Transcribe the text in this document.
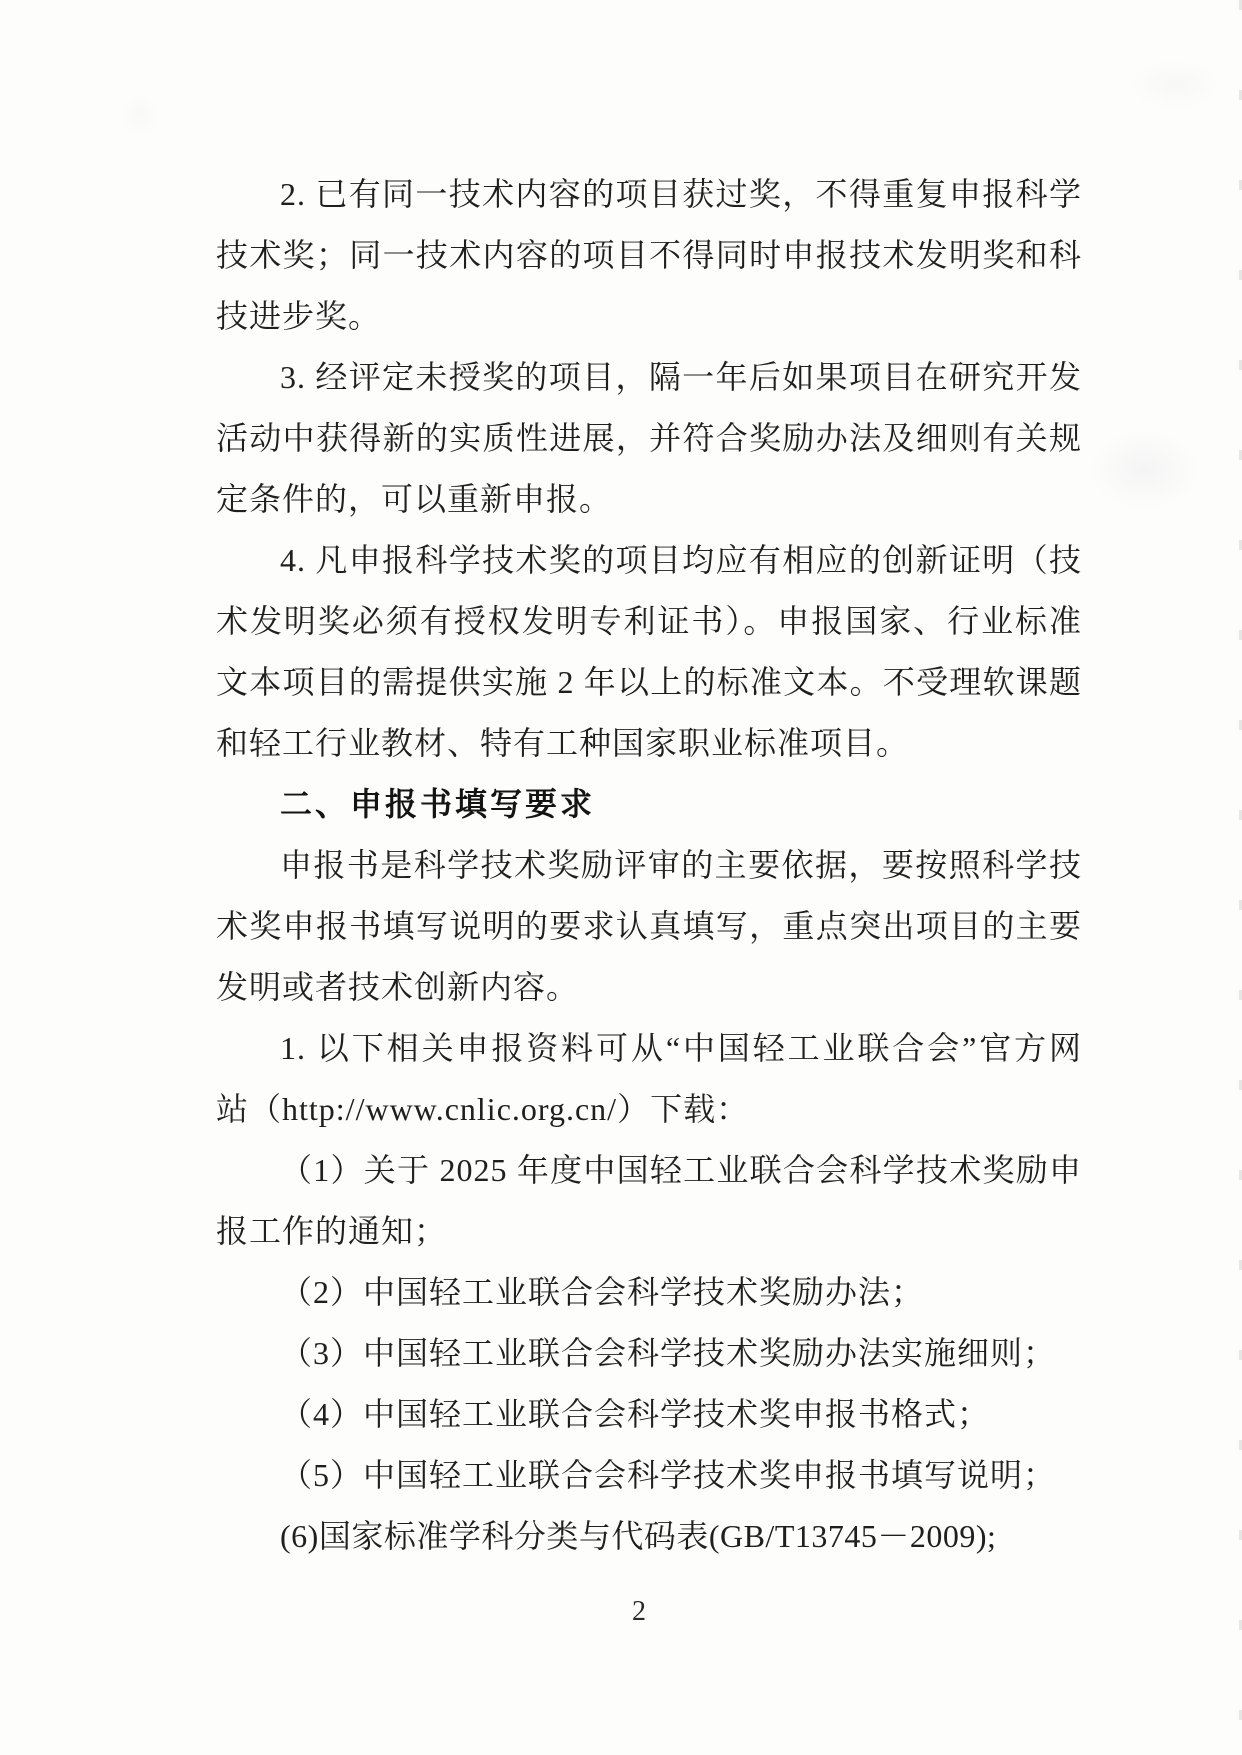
2. 已有同一技术内容的项目获过奖，不得重复申报科学
技术奖；同一技术内容的项目不得同时申报技术发明奖和科
技进步奖。
3. 经评定未授奖的项目，隔一年后如果项目在研究开发
活动中获得新的实质性进展，并符合奖励办法及细则有关规
定条件的，可以重新申报。
4. 凡申报科学技术奖的项目均应有相应的创新证明（技
术发明奖必须有授权发明专利证书）。申报国家、行业标准
文本项目的需提供实施 2 年以上的标准文本。不受理软课题
和轻工行业教材、特有工种国家职业标准项目。
二、申报书填写要求
申报书是科学技术奖励评审的主要依据，要按照科学技
术奖申报书填写说明的要求认真填写，重点突出项目的主要
发明或者技术创新内容。
1. 以下相关申报资料可从“中国轻工业联合会”官方网
站（http://www.cnlic.org.cn/）下载：
（1）关于 2025 年度中国轻工业联合会科学技术奖励申
报工作的通知；
（2）中国轻工业联合会科学技术奖励办法；
（3）中国轻工业联合会科学技术奖励办法实施细则；
（4）中国轻工业联合会科学技术奖申报书格式；
（5）中国轻工业联合会科学技术奖申报书填写说明；
(6)国家标准学科分类与代码表(GB/T13745－2009);
2
